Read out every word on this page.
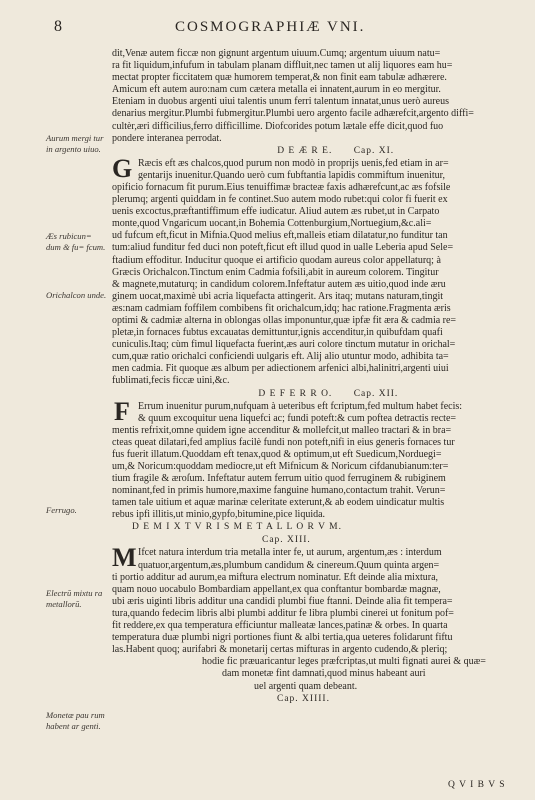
8	COSMOGRAPHIÆ VNI.
Aurum mergi tur in argento uiuo.
Æs rubicun= dum & fu= fcum.
Orichalcon unde.
Ferrugo.
Electrū mixtu ra metallorū.
Monetæ pau rum habent ar genti.
dit,Venæ autem ficcæ non gignunt argentum uiuum.Cumq; argentum uiuum natu=
ra fit liquidum,infufum in tabulam planam diffluit,nec tamen ut alij liquores eam hu=
mectat propter ficcitatem quæ humorem temperat,& non finit eam tabulæ adhærere.
Amicum eft autem auro:nam cum cætera metalla ei innatent,aurum in eo mergitur.
Eteniam in duobus argenti uiui talentis unum ferri talentum innatat,unus uerò aureus
denarius mergitur.Plumbi fubmergitur.Plumbi uero argento facile adhærefcit,argento diffi=
cultèr,æri difficilius,ferro difficillime. Diofcorides potum lætale effe dicit,quod fuo
pondere interanea perrodat.
D E Æ R E. Cap. XI.
G Ræcis eft æs chalcos,quod purum non modò in proprijs uenis,fed etiam in ar=
gentarijs inuenitur.Quando uerò cum fubftantia lapidis commiftum inuenitur,
opificio fornacum fit purum.Eius tenuiffimæ bracteæ faxis adhærefcunt,ac æs fofsile
plerumq; argenti quiddam in fe continet.Suo autem modo rubet:qui color fi fuerit ex
uenis excoctus,præftantiffimum effe iudicatur. Aliud autem æs rubet,ut in Carpato
monte,quod Vngaricum uocant,in Bohemia Cottenburgium,Nortuegium,&c.ali=
ud fufcum eft,ficut in Mifnia.Quod melius eft,malleis etiam dilatatur,no funditur tan
tum:aliud funditur fed duci non poteft,ficut eft illud quod in ualle Leberia apud Sele=
ftadium effoditur. Inducitur quoque ei artificio quodam aureus color appellaturq; à
Græcis Orichalcon.Tinctum enim Cadmia fofsili,abit in aureum colorem. Tingitur
& magnete,mutaturq; in candidum colorem.Infeftatur autem æs uitio,quod inde æru
ginem uocat,maximè ubi acria liquefacta attingerit. Ars itaq; mutans naturam,tingit
æs:nam cadmiam foffilem combibens fit orichalcum,idq; hac ratione.Fragmenta æris
optimi & cadmiæ alterna in oblongas ollas imponuntur,quæ ipfæ fit æra & cadmia re=
pletæ,in fornaces fubtus excauatas demittuntur,ignis accenditur,in quibufdam quafi
cuniculis.Itaq; cùm fimul liquefacta fuerint,æs auri colore tinctum mutatur in orichal=
cum,quæ ratio orichalci conficiendi uulgaris eft. Alij alio utuntur modo, adhibita ta=
men cadmia. Fit quoque æs album per adiectionem arfenici albi,halinitri,argenti uiui
fublimati,fecis ficcæ uini,&c.
D E F E R R O. Cap. XII.
F Errum inuenitur purum,nufquam à ueteribus eft fcriptum,fed multum habet fecis:
& quum excoquitur uena liquefci ac; fundi poteft:& cum poftea detractis recte=
mentis refrixit,omne quidem igne accenditur & mollefcit,ut malleo tractari & in bra=
cteas queat dilatari,fed amplius facilè fundi non poteft,nifi in eius generis fornaces tur
fus fuerit illatum.Quoddam eft tenax,quod & optimum,ut eft Suedicum,Norduegi=
um,& Noricum:quoddam mediocre,ut eft Mifnicum & Noricum cifdanubianum:ter=
tium fragile & æroſum. Infeftatur autem ferrum uitio quod ferruginem & rubiginem
nominant,fed in primis humore,maxime fanguine humano,contactum trahit. Verun=
tamen tale uitium et aquæ marinæ celeritate exterunt,& ab eodem uindicatur multis
rebus ipfi illitis,ut minio,gypfo,bitumine,pice liquida.
D E M I X T V R I S M E T A L L O R V M.
Cap. XIII.
M Ifcet natura interdum tria metalla inter fe, ut aurum, argentum,æs : interdum
quatuor,argentum,æs,plumbum candidum & cinereum.Quum quinta argen=
ti portio additur ad aurum,ea miftura electrum nominatur. Eft deinde alia mixtura,
quam nouo uocabulo Bombardiam appellant,ex qua conftantur bombardæ magnæ,
ubi æris uiginti libris additur una candidi plumbi fiue ftanni. Deinde alia fit tempera=
tura,quando fedecim libris albi plumbi additur fe libra plumbi cinerei ut fonitum pof=
fit reddere,ex qua temperatura efficiuntur malleatæ lances,patinæ & orbes. In quarta
temperatura duæ plumbi nigri portiones fiunt & albi tertia,qua ueteres folidarunt fiftu
las.Habent quoq; aurifabri & monetarij certas mifturas in argento cudendo,& pleriq;
hodie fic præuaricantur leges præfcriptas,ut multi fignati aurei & quæ=
dam monetæ fint damnati,quod minus habeant auri
uel argenti quam debeant.
Cap. XIIII.
Q V I B V S
